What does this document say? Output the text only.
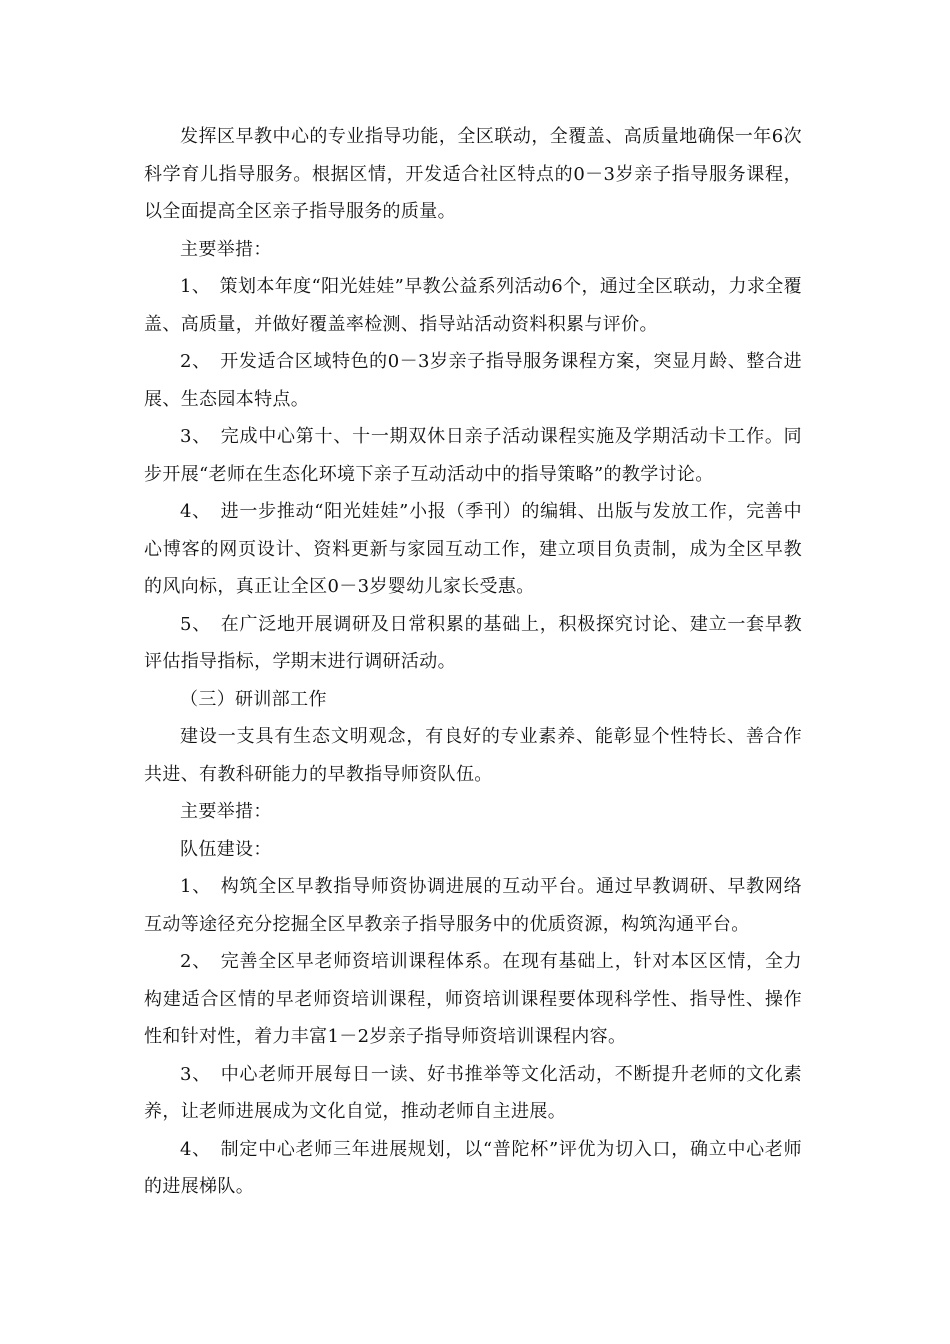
发挥区早教中心的专业指导功能，全区联动，全覆盖、高质量地确保一年6次科学育儿指导服务。根据区情，开发适合社区特点的0－3岁亲子指导服务课程，以全面提高全区亲子指导服务的质量。

主要举措：

1、　策划本年度“阳光娃娃”早教公益系列活动6个，通过全区联动，力求全覆盖、高质量，并做好覆盖率检测、指导站活动资料积累与评价。

2、　开发适合区域特色的0－3岁亲子指导服务课程方案，突显月龄、整合进展、生态园本特点。

3、　完成中心第十、十一期双休日亲子活动课程实施及学期活动卡工作。同步开展“老师在生态化环境下亲子互动活动中的指导策略”的教学讨论。

4、　进一步推动“阳光娃娃”小报（季刊）的编辑、出版与发放工作，完善中心博客的网页设计、资料更新与家园互动工作，建立项目负责制，成为全区早教的风向标，真正让全区0－3岁婴幼儿家长受惠。

5、　在广泛地开展调研及日常积累的基础上，积极探究讨论、建立一套早教评估指导指标，学期末进行调研活动。

（三）研训部工作

建设一支具有生态文明观念，有良好的专业素养、能彰显个性特长、善合作共进、有教科研能力的早教指导师资队伍。

主要举措：

队伍建设：

1、　构筑全区早教指导师资协调进展的互动平台。通过早教调研、早教网络互动等途径充分挖掘全区早教亲子指导服务中的优质资源，构筑沟通平台。

2、　完善全区早老师资培训课程体系。在现有基础上，针对本区区情，全力构建适合区情的早老师资培训课程，师资培训课程要体现科学性、指导性、操作性和针对性，着力丰富1－2岁亲子指导师资培训课程内容。

3、　中心老师开展每日一读、好书推举等文化活动，不断提升老师的文化素养，让老师进展成为文化自觉，推动老师自主进展。

4、　制定中心老师三年进展规划，以“普陀杯”评优为切入口，确立中心老师的进展梯队。
